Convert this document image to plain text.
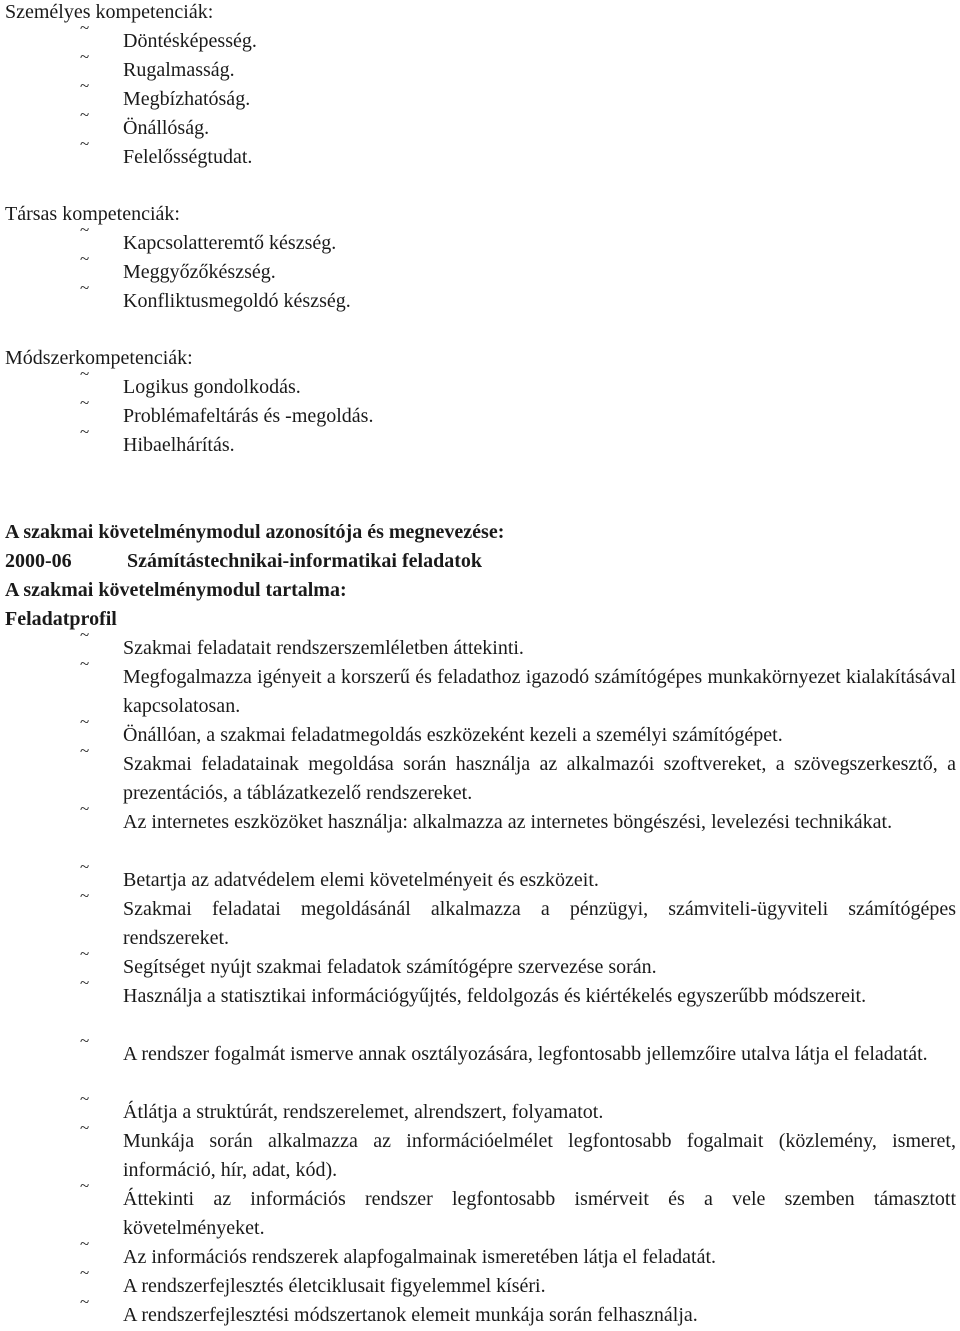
Személyes kompetenciák:
~
Döntésképesség.
~
Rugalmasság.
~
Megbízhatóság.
~
Önállóság.
~
Felelősségtudat.
Társas kompetenciák:
~
Kapcsolatteremtő készség.
~
Meggyőzőkészség.
~
Konfliktusmegoldó készség.
Módszerkompetenciák:
~
Logikus gondolkodás.
~
Problémafeltárás és -megoldás.
~
Hibaelhárítás.
A szakmai követelménymodul azonosítója és megnevezése:
2000-06	Számítástechnikai-informatikai feladatok
A szakmai követelménymodul tartalma:
Feladatprofil
~
Szakmai feladatait rendszerszemléletben áttekinti.
~
Megfogalmazza igényeit a korszerű és feladathoz igazodó számítógépes munkakörnyezet kialakításával kapcsolatosan.
~
Önállóan, a szakmai feladatmegoldás eszközeként kezeli a személyi számítógépet.
~
Szakmai feladatainak megoldása során használja az alkalmazói szoftvereket, a szövegszerkesztő, a prezentációs, a táblázatkezelő rendszereket.
~
Az internetes eszközöket használja: alkalmazza az internetes böngészési, levelezési technikákat.
~
Betartja az adatvédelem elemi követelményeit és eszközeit.
~
Szakmai feladatai megoldásánál alkalmazza a pénzügyi, számviteli-ügyviteli számítógépes rendszereket.
~
Segítséget nyújt szakmai feladatok számítógépre szervezése során.
~
Használja a statisztikai információgyűjtés, feldolgozás és kiértékelés egyszerűbb módszereit.
~
A rendszer fogalmát ismerve annak osztályozására, legfontosabb jellemzőire utalva látja el feladatát.
~
Átlátja a struktúrát, rendszerelemet, alrendszert, folyamatot.
~
Munkája során alkalmazza az információelmélet legfontosabb fogalmait (közlemény, ismeret, információ, hír, adat, kód).
~
Áttekinti az információs rendszer legfontosabb ismérveit és a vele szemben támasztott követelményeket.
~
Az információs rendszerek alapfogalmainak ismeretében látja el feladatát.
~
A rendszerfejlesztés életciklusait figyelemmel kíséri.
~
A rendszerfejlesztési módszertanok elemeit munkája során felhasználja.
